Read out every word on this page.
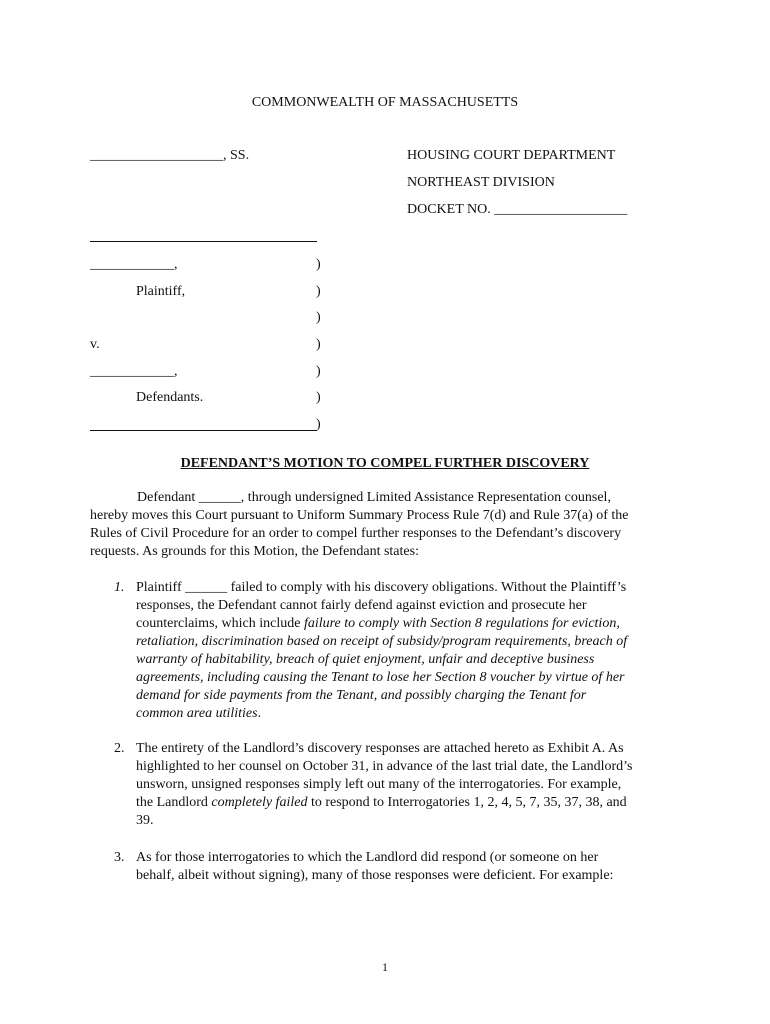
COMMONWEALTH OF MASSACHUSETTS
___________________, SS.	HOUSING COURT DEPARTMENT
NORTHEAST DIVISION
DOCKET NO. ___________________
____________,	)
Plaintiff,	)
)
v.	)
____________,	)
Defendants.	)
)
DEFENDANT’S MOTION TO COMPEL FURTHER DISCOVERY
Defendant ______, through undersigned Limited Assistance Representation counsel,
hereby moves this Court pursuant to Uniform Summary Process Rule 7(d) and Rule 37(a) of the
Rules of Civil Procedure for an order to compel further responses to the Defendant’s discovery
requests. As grounds for this Motion, the Defendant states:
1. Plaintiff ______ failed to comply with his discovery obligations. Without the Plaintiff’s
responses, the Defendant cannot fairly defend against eviction and prosecute her
counterclaims, which include failure to comply with Section 8 regulations for eviction,
retaliation, discrimination based on receipt of subsidy/program requirements, breach of
warranty of habitability, breach of quiet enjoyment, unfair and deceptive business
agreements, including causing the Tenant to lose her Section 8 voucher by virtue of her
demand for side payments from the Tenant, and possibly charging the Tenant for
common area utilities.
2. The entirety of the Landlord’s discovery responses are attached hereto as Exhibit A. As
highlighted to her counsel on October 31, in advance of the last trial date, the Landlord’s
unsworn, unsigned responses simply left out many of the interrogatories. For example,
the Landlord completely failed to respond to Interrogatories 1, 2, 4, 5, 7, 35, 37, 38, and
39.
3. As for those interrogatories to which the Landlord did respond (or someone on her
behalf, albeit without signing), many of those responses were deficient. For example:
1
